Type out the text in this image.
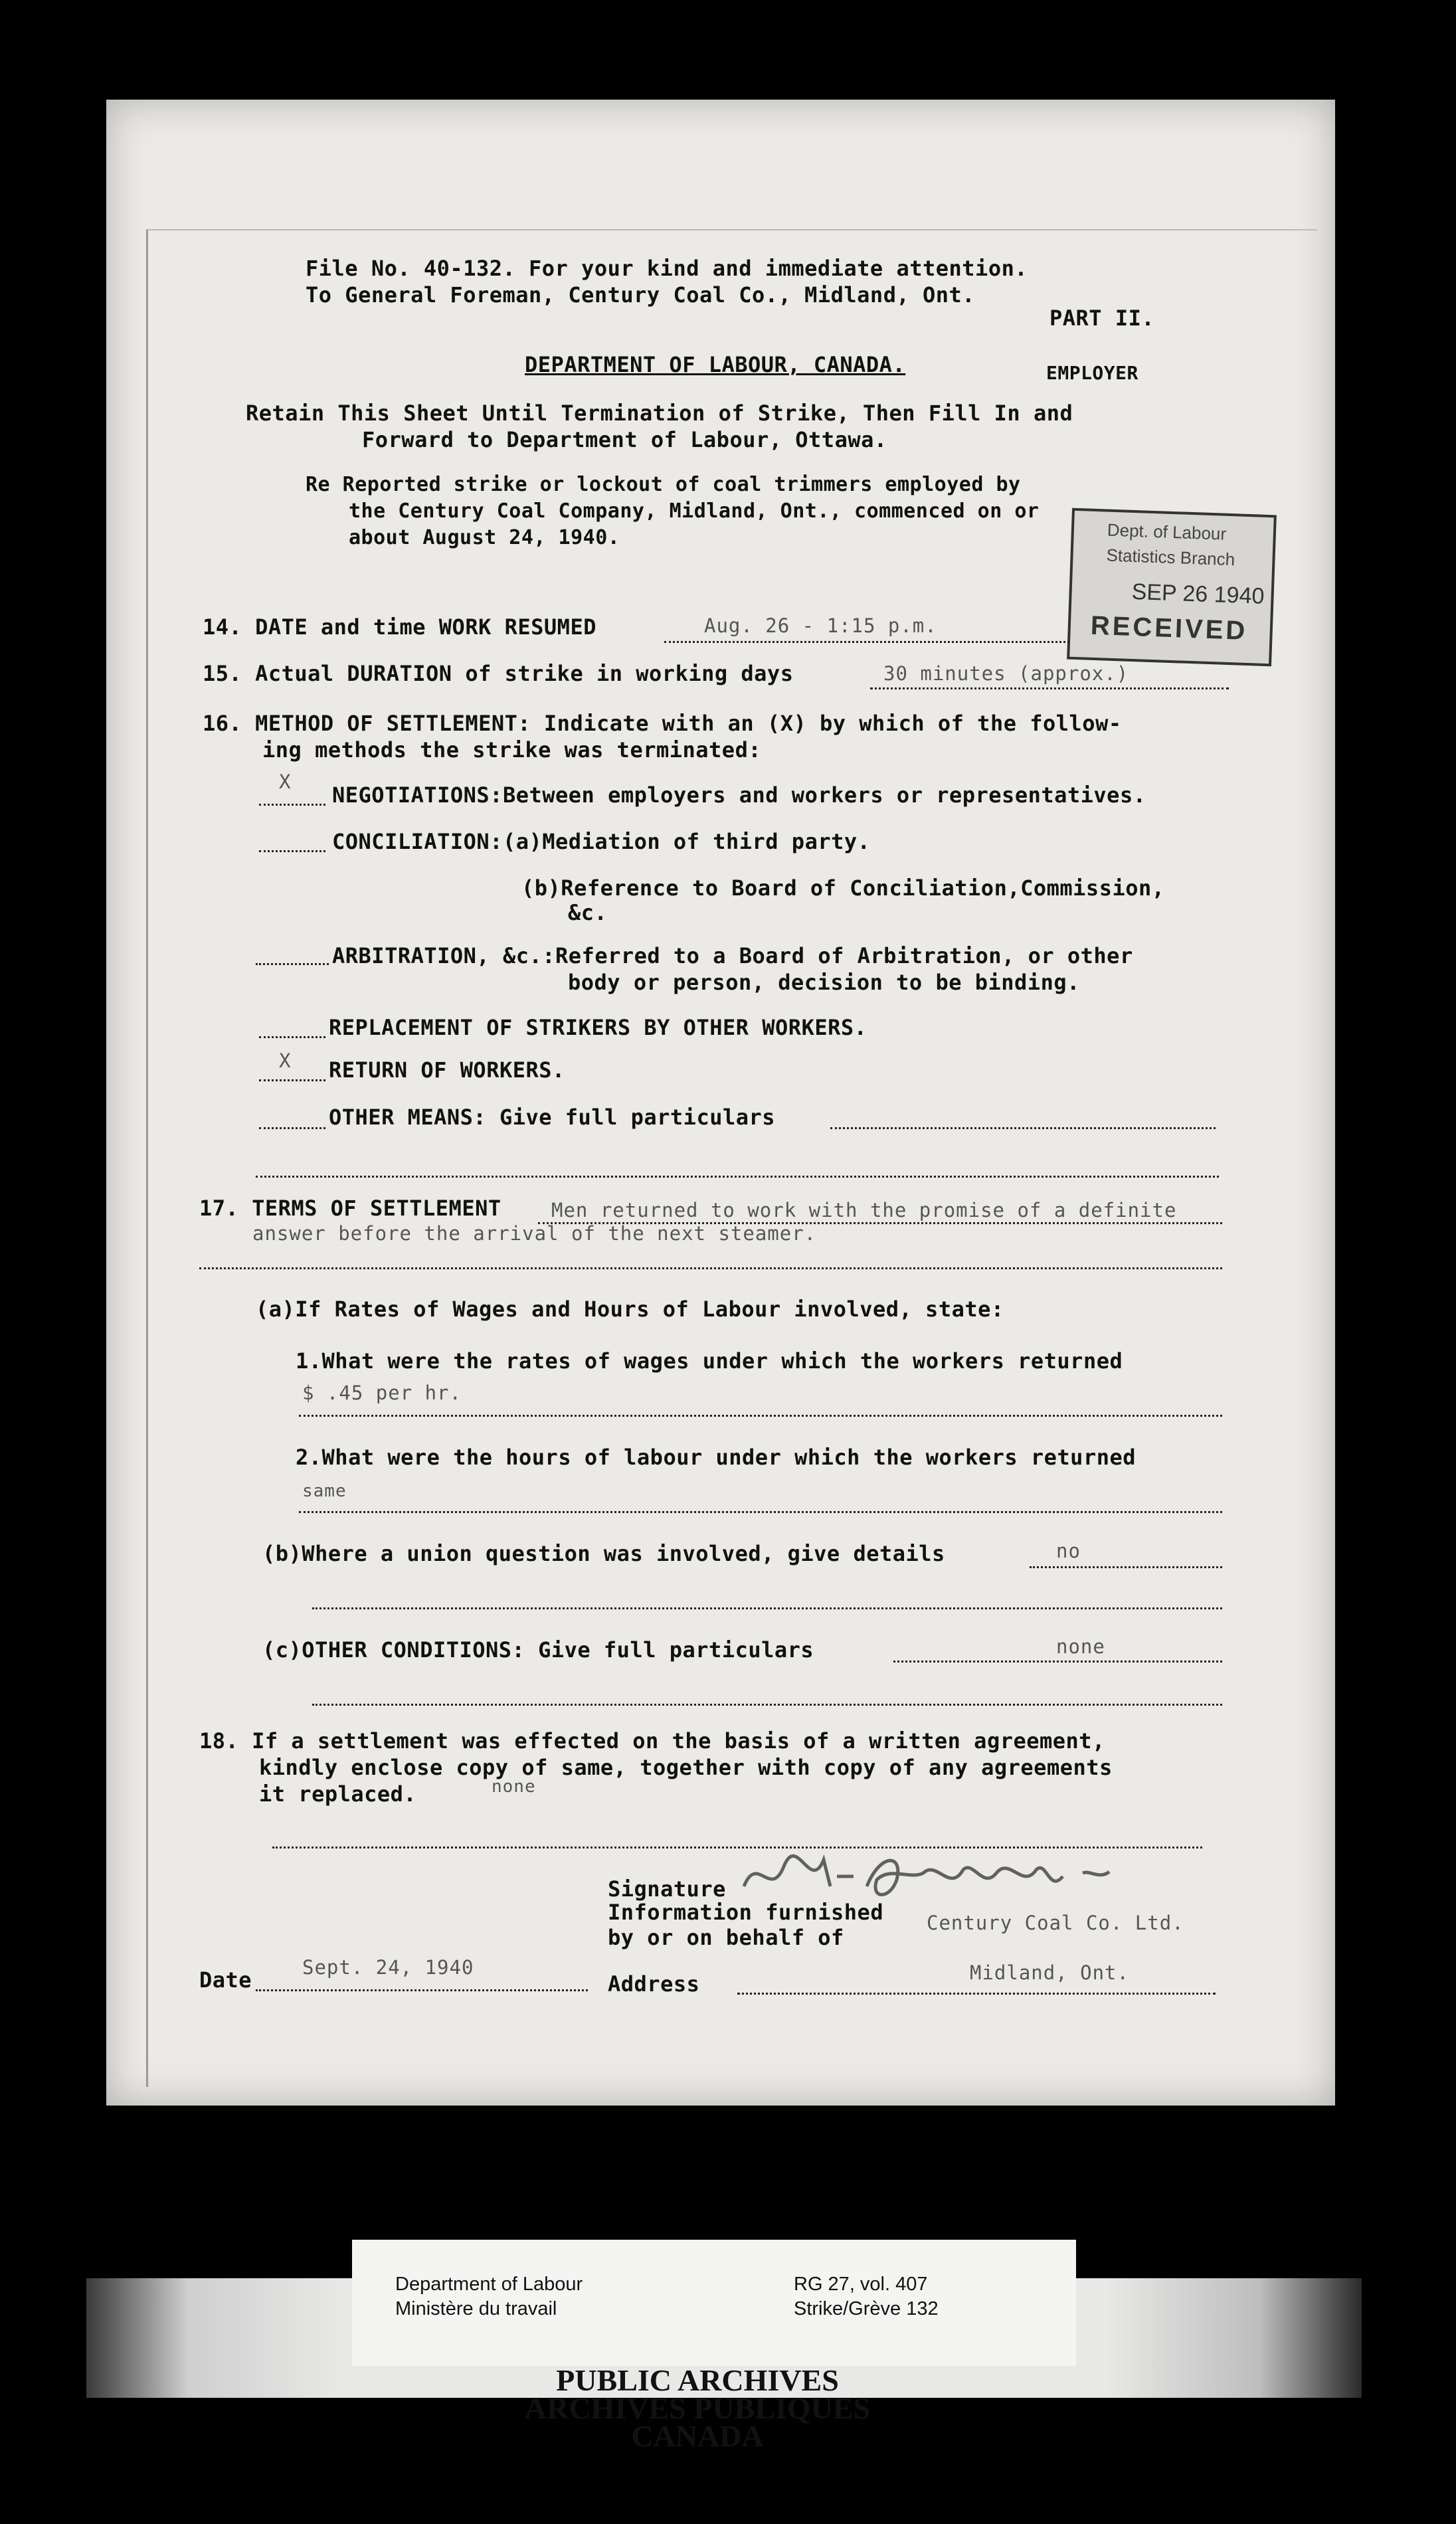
File No. 40-132. For your kind and immediate attention.
To General Foreman, Century Coal Co., Midland, Ont.
PART II.
DEPARTMENT OF LABOUR, CANADA.	EMPLOYER
Retain This Sheet Until Termination of Strike, Then Fill In and
Forward to Department of Labour, Ottawa.
Re Reported strike or lockout of coal trimmers employed by
the Century Coal Company, Midland, Ont., commenced on or
about August 24, 1940.	Dept. of Labour
Statistics Branch
SEP 26 1940
RECEIVED
14. DATE and time WORK RESUMED	Aug. 26 - 1:15 p.m.
15. Actual DURATION of strike in working days	30 minutes (approx.)
16. METHOD OF SETTLEMENT: Indicate with an (X) by which of the follow-
ing methods the strike was terminated:
X
NEGOTIATIONS:Between employers and workers or representatives.
CONCILIATION:(a)Mediation of third party.
(b)Reference to Board of Conciliation,Commission,
&c.
ARBITRATION, &c.:Referred to a Board of Arbitration, or other
body or person, decision to be binding.
REPLACEMENT OF STRIKERS BY OTHER WORKERS.
X RETURN OF WORKERS.
OTHER MEANS: Give full particulars
17. TERMS OF SETTLEMENT	Men returned to work with the promise of a definite
answer before the arrival of the next steamer.
(a)If Rates of Wages and Hours of Labour involved, state:
1.What were the rates of wages under which the workers returned
$ .45 per hr.
2.What were the hours of labour under which the workers returned
same
(b)Where a union question was involved, give details	no
(c)OTHER CONDITIONS: Give full particulars	none
18. If a settlement was effected on the basis of a written agreement,
kindly enclose copy of same, together with copy of any agreements
it replaced.	none
Signature
Information furnished
by or on behalf of
Century Coal Co. Ltd.
Date	Sept. 24, 1940
Address	Midland, Ont.
Department of Labour
Ministère du travail
RG 27, vol. 407
Strike/Grève 132
PUBLIC ARCHIVES
ARCHIVES PUBLIQUES
CANADA
